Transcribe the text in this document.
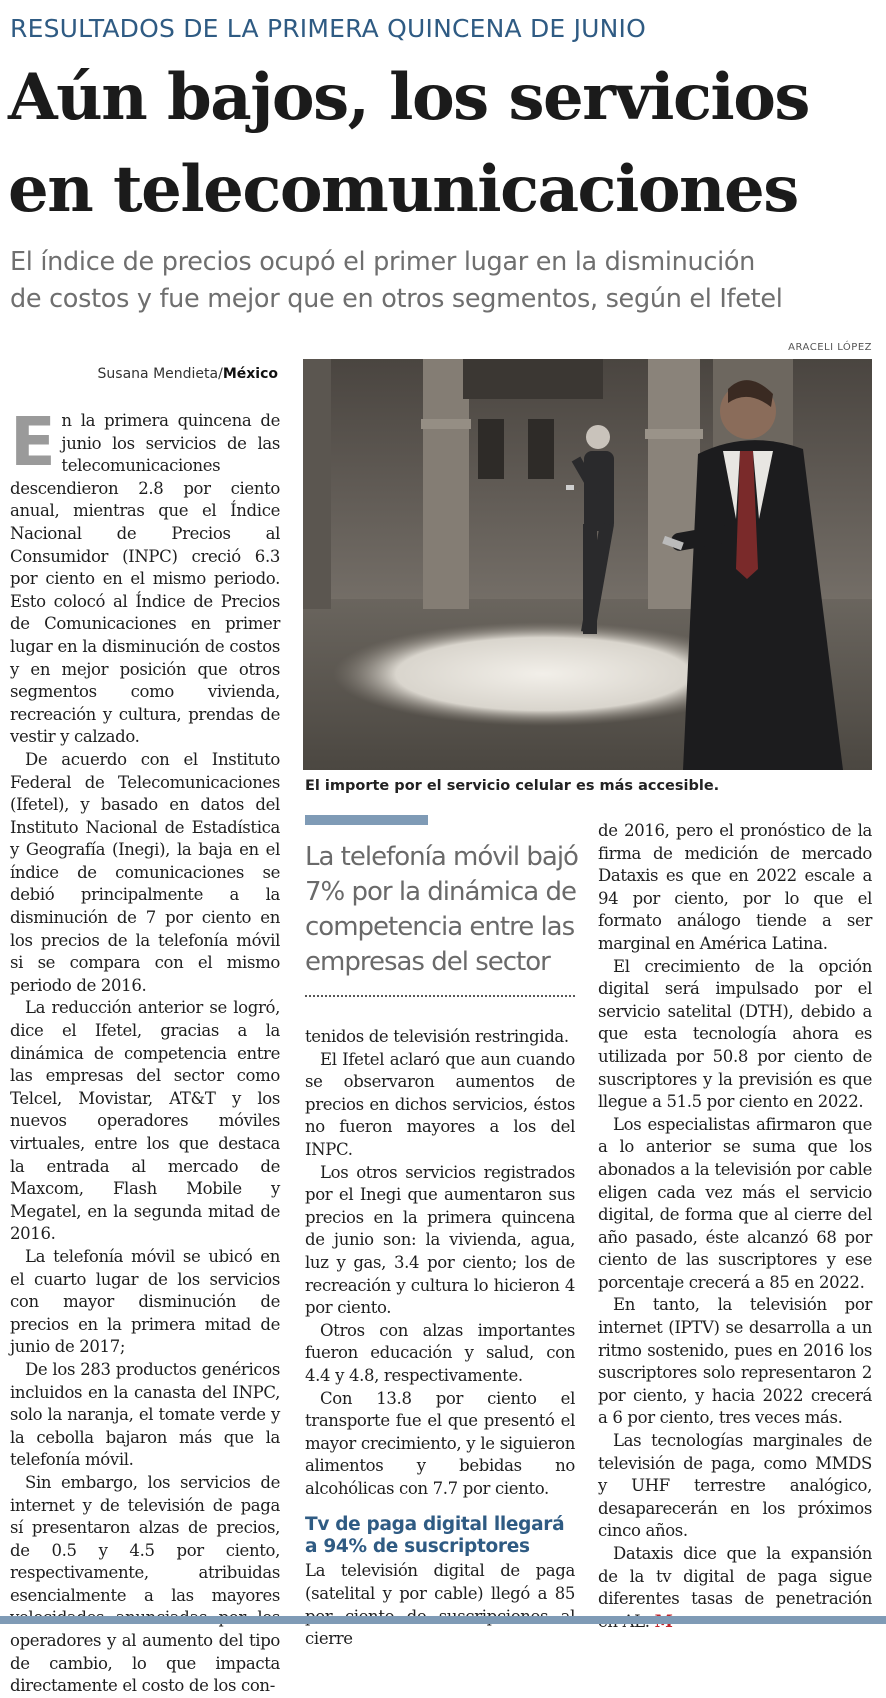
RESULTADOS DE LA PRIMERA QUINCENA DE JUNIO
Aún bajos, los servicios
en telecomunicaciones
El índice de precios ocupó el primer lugar en la disminución
de costos y fue mejor que en otros segmentos, según el Ifetel
ARACELI LÓPEZ
Susana Mendieta/México
El importe por el servicio celular es más accesible.
La telefonía móvil bajó
7% por la dinámica de
competencia entre las
empresas del sector

En la primera quincena de junio los servicios de las telecomunicaciones descendieron 2.8 por ciento anual, mientras que el Índice Nacional de Precios al Consumidor (INPC) creció 6.3 por ciento en el mismo periodo. Esto colocó al Índice de Precios de Comunicaciones en primer lugar en la disminución de costos y en mejor posición que otros segmentos como vivienda, recreación y cultura, prendas de vestir y calzado.

De acuerdo con el Instituto Federal de Telecomunicaciones (Ifetel), y basado en datos del Instituto Nacional de Estadística y Geografía (Inegi), la baja en el índice de comunicaciones se debió principalmente a la disminución de 7 por ciento en los precios de la telefonía móvil si se compara con el mismo periodo de 2016.

La reducción anterior se logró, dice el Ifetel, gracias a la dinámica de competencia entre las empresas del sector como Telcel, Movistar, AT&T y los nuevos operadores móviles virtuales, entre los que destaca la entrada al mercado de Maxcom, Flash Mobile y Megatel, en la segunda mitad de 2016.

La telefonía móvil se ubicó en el cuarto lugar de los servicios con mayor disminución de precios en la primera mitad de junio de 2017;

De los 283 productos genéricos incluidos en la canasta del INPC, solo la naranja, el tomate verde y la cebolla bajaron más que la telefonía móvil.

Sin embargo, los servicios de internet y de televisión de paga sí presentaron alzas de precios, de 0.5 y 4.5 por ciento, respectivamente, atribuidas esencialmente a las mayores operadores y al aumento del tipo de cambio, lo que impacta directamente el costo de los con-

tenidos de televisión restringida.

El Ifetel aclaró que aun cuando se observaron aumentos de precios en dichos servicios, éstos no fueron mayores a los del INPC.

Los otros servicios registrados por el Inegi que aumentaron sus precios en la primera quincena de junio son: la vivienda, agua, luz y gas, 3.4 por ciento; los de recreación y cultura lo hicieron 4 por ciento.

Otros con alzas importantes fueron educación y salud, con 4.4 y 4.8, respectivamente.

Con 13.8 por ciento el transporte fue el que presentó el mayor crecimiento, y le siguieron alimentos y bebidas no alcohólicas con 7.7 por ciento.

Tv de paga digital llegará a 94% de suscriptores

La televisión digital de paga (satelital y por cable) llegó a 85 cierre

de 2016, pero el pronóstico de la firma de medición de mercado Dataxis es que en 2022 escale a 94 por ciento, por lo que el formato análogo tiende a ser marginal en América Latina.

El crecimiento de la opción digital será impulsado por el servicio satelital (DTH), debido a que esta tecnología ahora es utilizada por 50.8 por ciento de suscriptores y la previsión es que llegue a 51.5 por ciento en 2022.

Los especialistas afirmaron que a lo anterior se suma que los abonados a la televisión por cable eligen cada vez más el servicio digital, de forma que al cierre del año pasado, éste alcanzó 68 por ciento de las suscriptores y ese porcentaje crecerá a 85 en 2022.

En tanto, la televisión por internet (IPTV) se desarrolla a un ritmo sostenido, pues en 2016 los suscriptores solo representaron 2 por ciento, y hacia 2022 crecerá a 6 por ciento, tres veces más.

Las tecnologías marginales de televisión de paga, como MMDS y UHF terrestre analógico, desaparecerán en los próximos cinco años.

Dataxis dice que la expansión de la tv digital de paga sigue diferentes tasas de penetración
